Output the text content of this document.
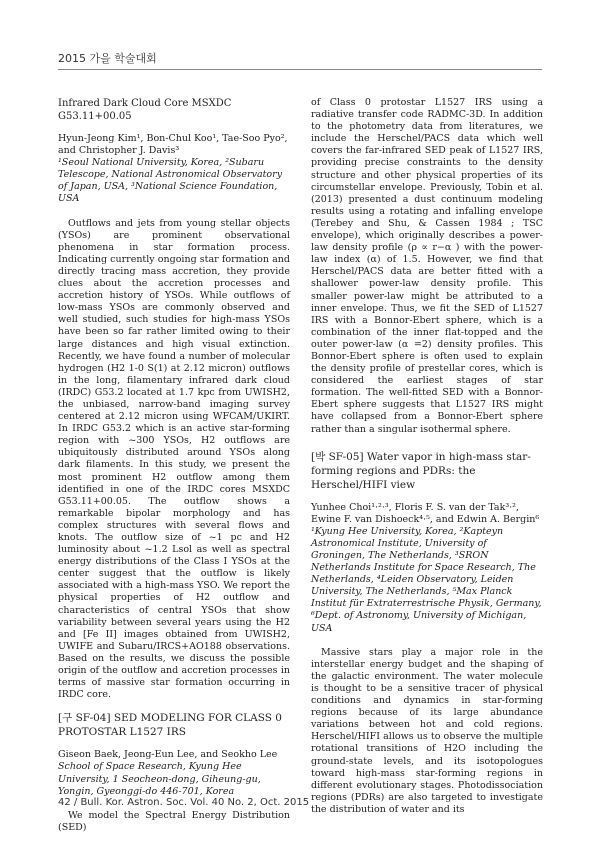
2015 가을 학술대회
Infrared Dark Cloud Core MSXDC G53.11+00.05
Hyun-Jeong Kim¹, Bon-Chul Koo¹, Tae-Soo Pyo², and Christopher J. Davis³
¹Seoul National University, Korea, ²Subaru Telescope, National Astronomical Observatory of Japan, USA, ³National Science Foundation, USA

Outflows and jets from young stellar objects (YSOs) are prominent observational phenomena in star formation process. Indicating currently ongoing star formation and directly tracing mass accretion, they provide clues about the accretion processes and accretion history of YSOs. While outflows of low-mass YSOs are commonly observed and well studied, such studies for high-mass YSOs have been so far rather limited owing to their large distances and high visual extinction. Recently, we have found a number of molecular hydrogen (H2 1-0 S(1) at 2.12 micron) outflows in the long, filamentary infrared dark cloud (IRDC) G53.2 located at 1.7 kpc from UWISH2, the unbiased, narrow-band imaging survey centered at 2.12 micron using WFCAM/UKIRT. In IRDC G53.2 which is an active star-forming region with ~300 YSOs, H2 outflows are ubiquitously distributed around YSOs along dark filaments. In this study, we present the most prominent H2 outflow among them identified in one of the IRDC cores MSXDC G53.11+00.05. The outflow shows a remarkable bipolar morphology and has complex structures with several flows and knots. The outflow size of ~1 pc and H2 luminosity about ~1.2 Lsol as well as spectral energy distributions of the Class I YSOs at the center suggest that the outflow is likely associated with a high-mass YSO. We report the physical properties of H2 outflow and characteristics of central YSOs that show variability between several years using the H2 and [Fe II] images obtained from UWISH2, UWIFE and Subaru/IRCS+AO188 observations. Based on the results, we discuss the possible origin of the outflow and accretion processes in terms of massive star formation occurring in IRDC core.

[구 SF-04] SED MODELING FOR CLASS 0 PROTOSTAR L1527 IRS
Giseon Baek, Jeong-Eun Lee, and Seokho Lee
School of Space Research, Kyung Hee University, 1 Seocheon-dong, Giheung-gu, Yongin, Gyeonggi-do 446-701, Korea

We model the Spectral Energy Distribution (SED)

of Class 0 protostar L1527 IRS using a radiative transfer code RADMC-3D. In addition to the photometry data from literatures, we include the Herschel/PACS data which well covers the far-infrared SED peak of L1527 IRS, providing precise constraints to the density structure and other physical properties of its circumstellar envelope. Previously, Tobin et al. (2013) presented a dust continuum modeling results using a rotating and infalling envelope (Terebey and Shu, & Cassen 1984 ; TSC envelope), which originally describes a power-law density profile (ρ ∝ r−α ) with the power-law index (α) of 1.5. However, we find that Herschel/PACS data are better fitted with a shallower power-law density profile. This smaller power-law might be attributed to a inner envelope. Thus, we fit the SED of L1527 IRS with a Bonnor-Ebert sphere, which is a combination of the inner flat-topped and the outer power-law (α =2) density profiles. This Bonnor-Ebert sphere is often used to explain the density profile of prestellar cores, which is considered the earliest stages of star formation. The well-fitted SED with a Bonnor-Ebert sphere suggests that L1527 IRS might have collapsed from a Bonnor-Ebert sphere rather than a singular isothermal sphere.

[박 SF-05] Water vapor in high-mass star-forming regions and PDRs: the Herschel/HIFI view
Yunhee Choi¹·²·³, Floris F. S. van der Tak³·², Ewine F. van Dishoeck⁴·⁵, and Edwin A. Bergin⁶
¹Kyung Hee University, Korea, ²Kapteyn Astronomical Institute, University of Groningen, The Netherlands, ³SRON Netherlands Institute for Space Research, The Netherlands, ⁴Leiden Observatory, Leiden University, The Netherlands, ⁵Max Planck Institut für Extraterrestrische Physik, Germany, ⁶Dept. of Astronomy, University of Michigan, USA

Massive stars play a major role in the interstellar energy budget and the shaping of the galactic environment. The water molecule is thought to be a sensitive tracer of physical conditions and dynamics in star-forming regions because of its large abundance variations between hot and cold regions. Herschel/HIFI allows us to observe the multiple rotational transitions of H2O including the ground-state levels, and its isotopologues toward high-mass star-forming regions in different evolutionary stages. Photodissociation regions (PDRs) are also targeted to investigate the distribution of water and its

42 / Bull. Kor. Astron. Soc. Vol. 40 No. 2, Oct. 2015
